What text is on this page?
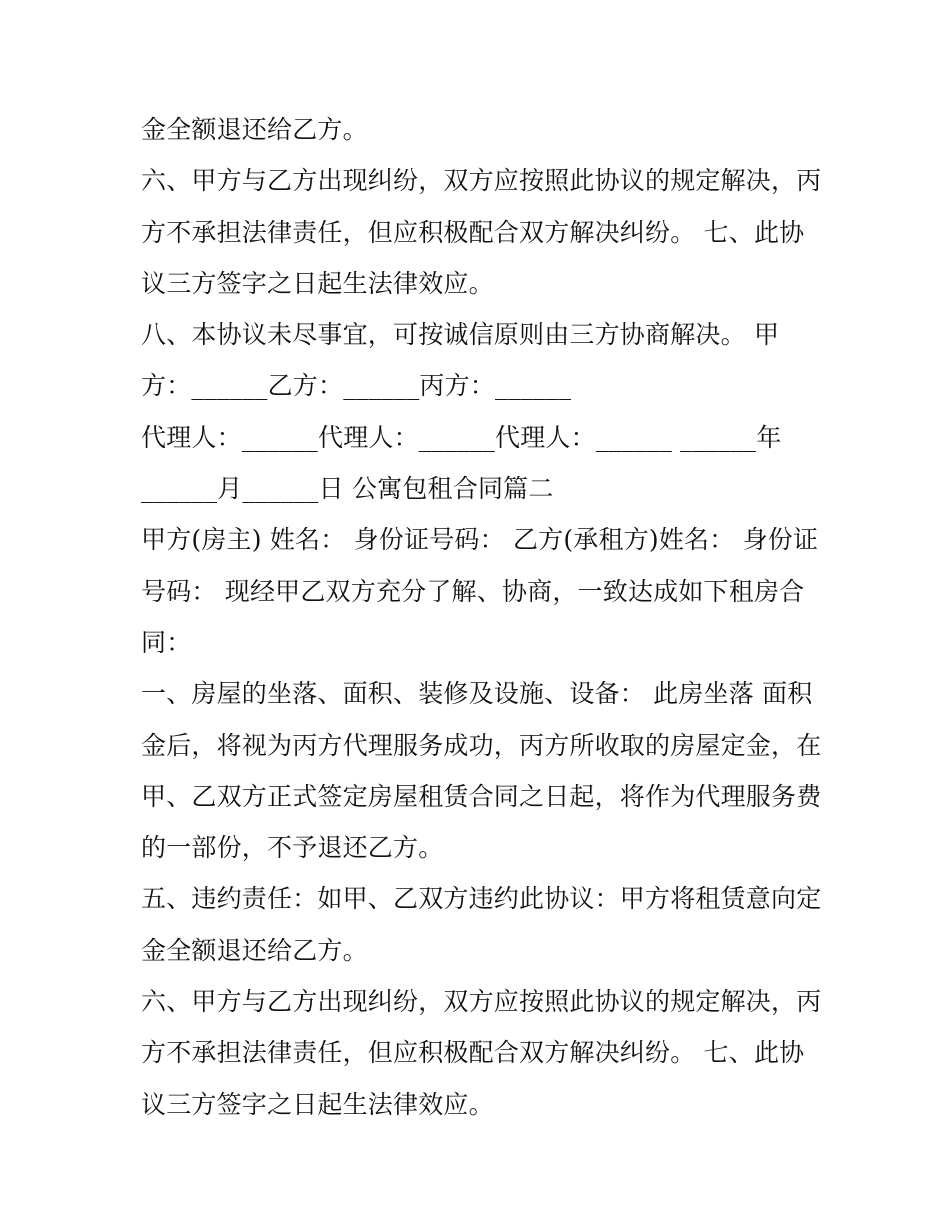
金全额退还给乙方。
六、甲方与乙方出现纠纷，双方应按照此协议的规定解决，丙
方不承担法律责任，但应积极配合双方解决纠纷。 七、此协
议三方签字之日起生法律效应。
八、本协议未尽事宜，可按诚信原则由三方协商解决。 甲
方：______乙方：______丙方：______
代理人：______代理人：______代理人：______ ______年
______月______日 公寓包租合同篇二
甲方(房主) 姓名： 身份证号码： 乙方(承租方)姓名： 身份证
号码： 现经甲乙双方充分了解、协商，一致达成如下租房合
同：
一、房屋的坐落、面积、装修及设施、设备： 此房坐落 面积
金后，将视为丙方代理服务成功，丙方所收取的房屋定金，在
甲、乙双方正式签定房屋租赁合同之日起，将作为代理服务费
的一部份，不予退还乙方。
五、违约责任：如甲、乙双方违约此协议：甲方将租赁意向定
金全额退还给乙方。
六、甲方与乙方出现纠纷，双方应按照此协议的规定解决，丙
方不承担法律责任，但应积极配合双方解决纠纷。 七、此协
议三方签字之日起生法律效应。
